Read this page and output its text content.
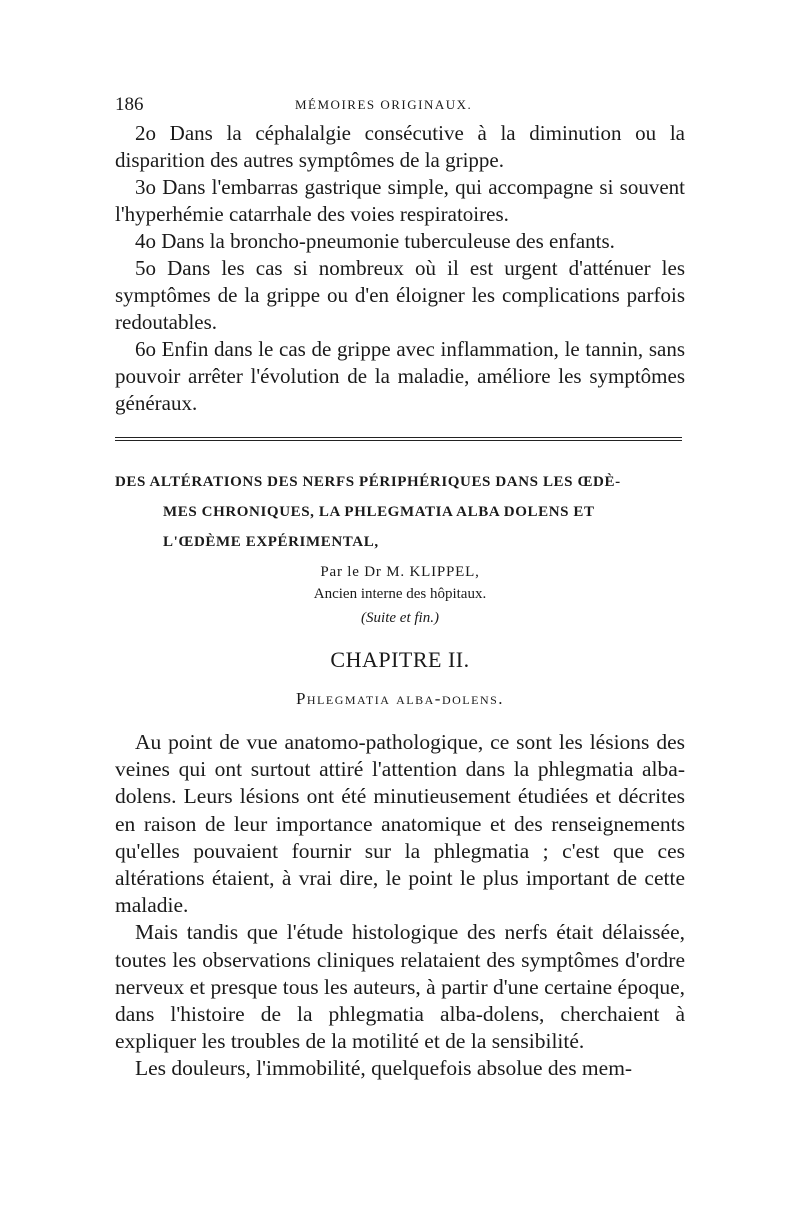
186	MÉMOIRES ORIGINAUX.

2o Dans la céphalalgie consécutive à la diminution ou la disparition des autres symptômes de la grippe.

3o Dans l'embarras gastrique simple, qui accompagne si souvent l'hyperhémie catarrhale des voies respiratoires.

4o Dans la broncho-pneumonie tuberculeuse des enfants.

5o Dans les cas si nombreux où il est urgent d'atténuer les symptômes de la grippe ou d'en éloigner les complications parfois redoutables.

6o Enfin dans le cas de grippe avec inflammation, le tannin, sans pouvoir arrêter l'évolution de la maladie, améliore les symptômes généraux.

DES ALTÉRATIONS DES NERFS PÉRIPHÉRIQUES DANS LES ŒDÈ-
MES CHRONIQUES, LA PHLEGMATIA ALBA DOLENS ET
L'ŒDÈME EXPÉRIMENTAL,
Par le Dr M. KLIPPEL,
Ancien interne des hôpitaux.
(Suite et fin.)
CHAPITRE II.
Phlegmatia alba-dolens.

Au point de vue anatomo-pathologique, ce sont les lésions des veines qui ont surtout attiré l'attention dans la phlegmatia alba-dolens. Leurs lésions ont été minutieusement étudiées et décrites en raison de leur importance anatomique et des renseignements qu'elles pouvaient fournir sur la phlegmatia ; c'est que ces altérations étaient, à vrai dire, le point le plus important de cette maladie.

Mais tandis que l'étude histologique des nerfs était délaissée, toutes les observations cliniques relataient des symptômes d'ordre nerveux et presque tous les auteurs, à partir d'une certaine époque, dans l'histoire de la phlegmatia alba-dolens, cherchaient à expliquer les troubles de la motilité et de la sensibilité.

Les douleurs, l'immobilité, quelquefois absolue des mem-
